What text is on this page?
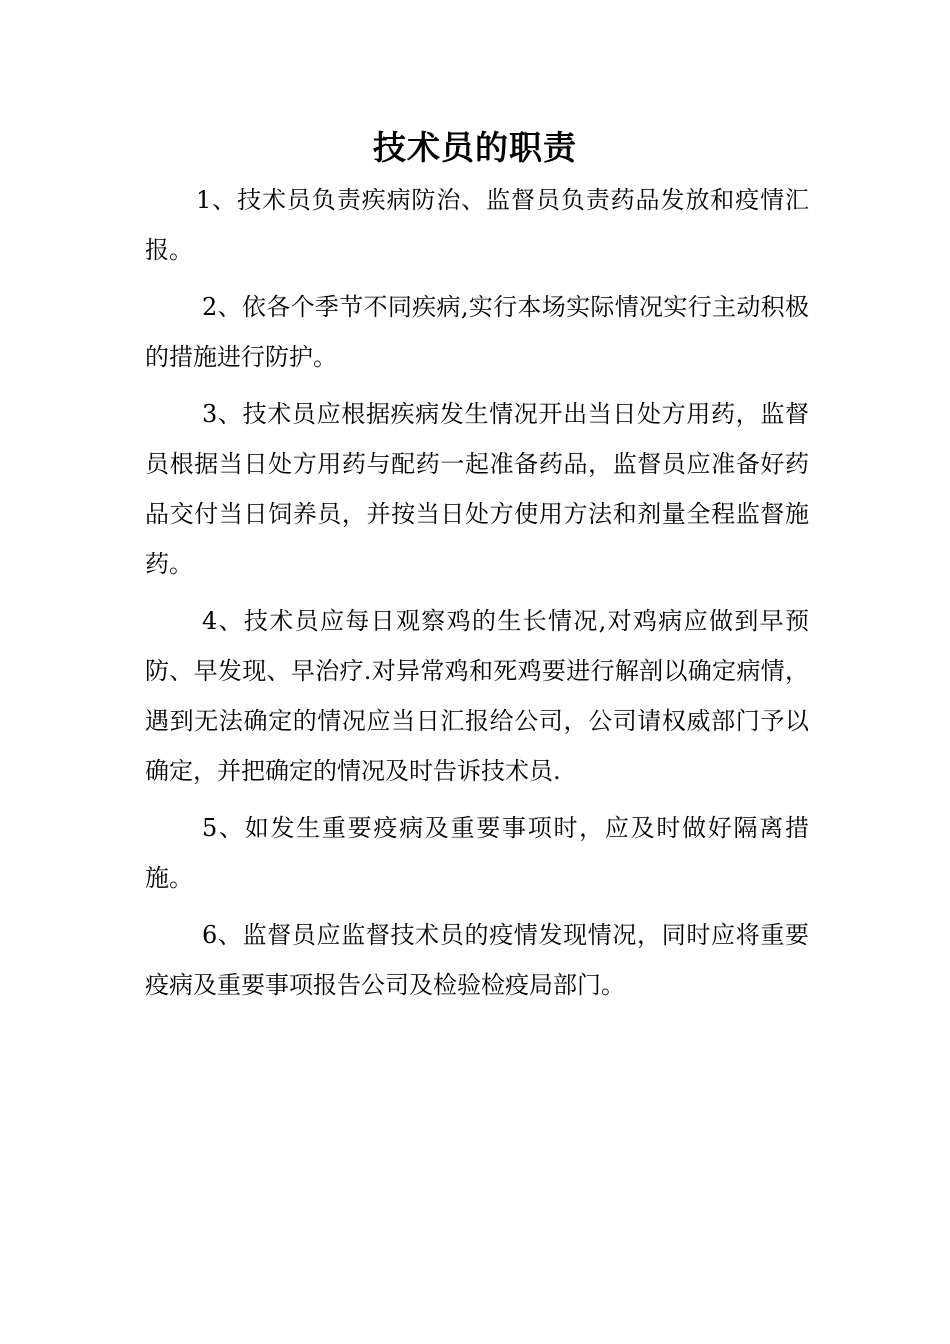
技术员的职责

1、技术员负责疾病防治、监督员负责药品发放和疫情汇报。

2、依各个季节不同疾病,实行本场实际情况实行主动积极的措施进行防护。

3、技术员应根据疾病发生情况开出当日处方用药，监督员根据当日处方用药与配药一起准备药品，监督员应准备好药品交付当日饲养员，并按当日处方使用方法和剂量全程监督施药。

4、技术员应每日观察鸡的生长情况,对鸡病应做到早预防、早发现、早治疗.对异常鸡和死鸡要进行解剖以确定病情，遇到无法确定的情况应当日汇报给公司，公司请权威部门予以确定，并把确定的情况及时告诉技术员.

5、如发生重要疫病及重要事项时，应及时做好隔离措施。

6、监督员应监督技术员的疫情发现情况，同时应将重要疫病及重要事项报告公司及检验检疫局部门。
